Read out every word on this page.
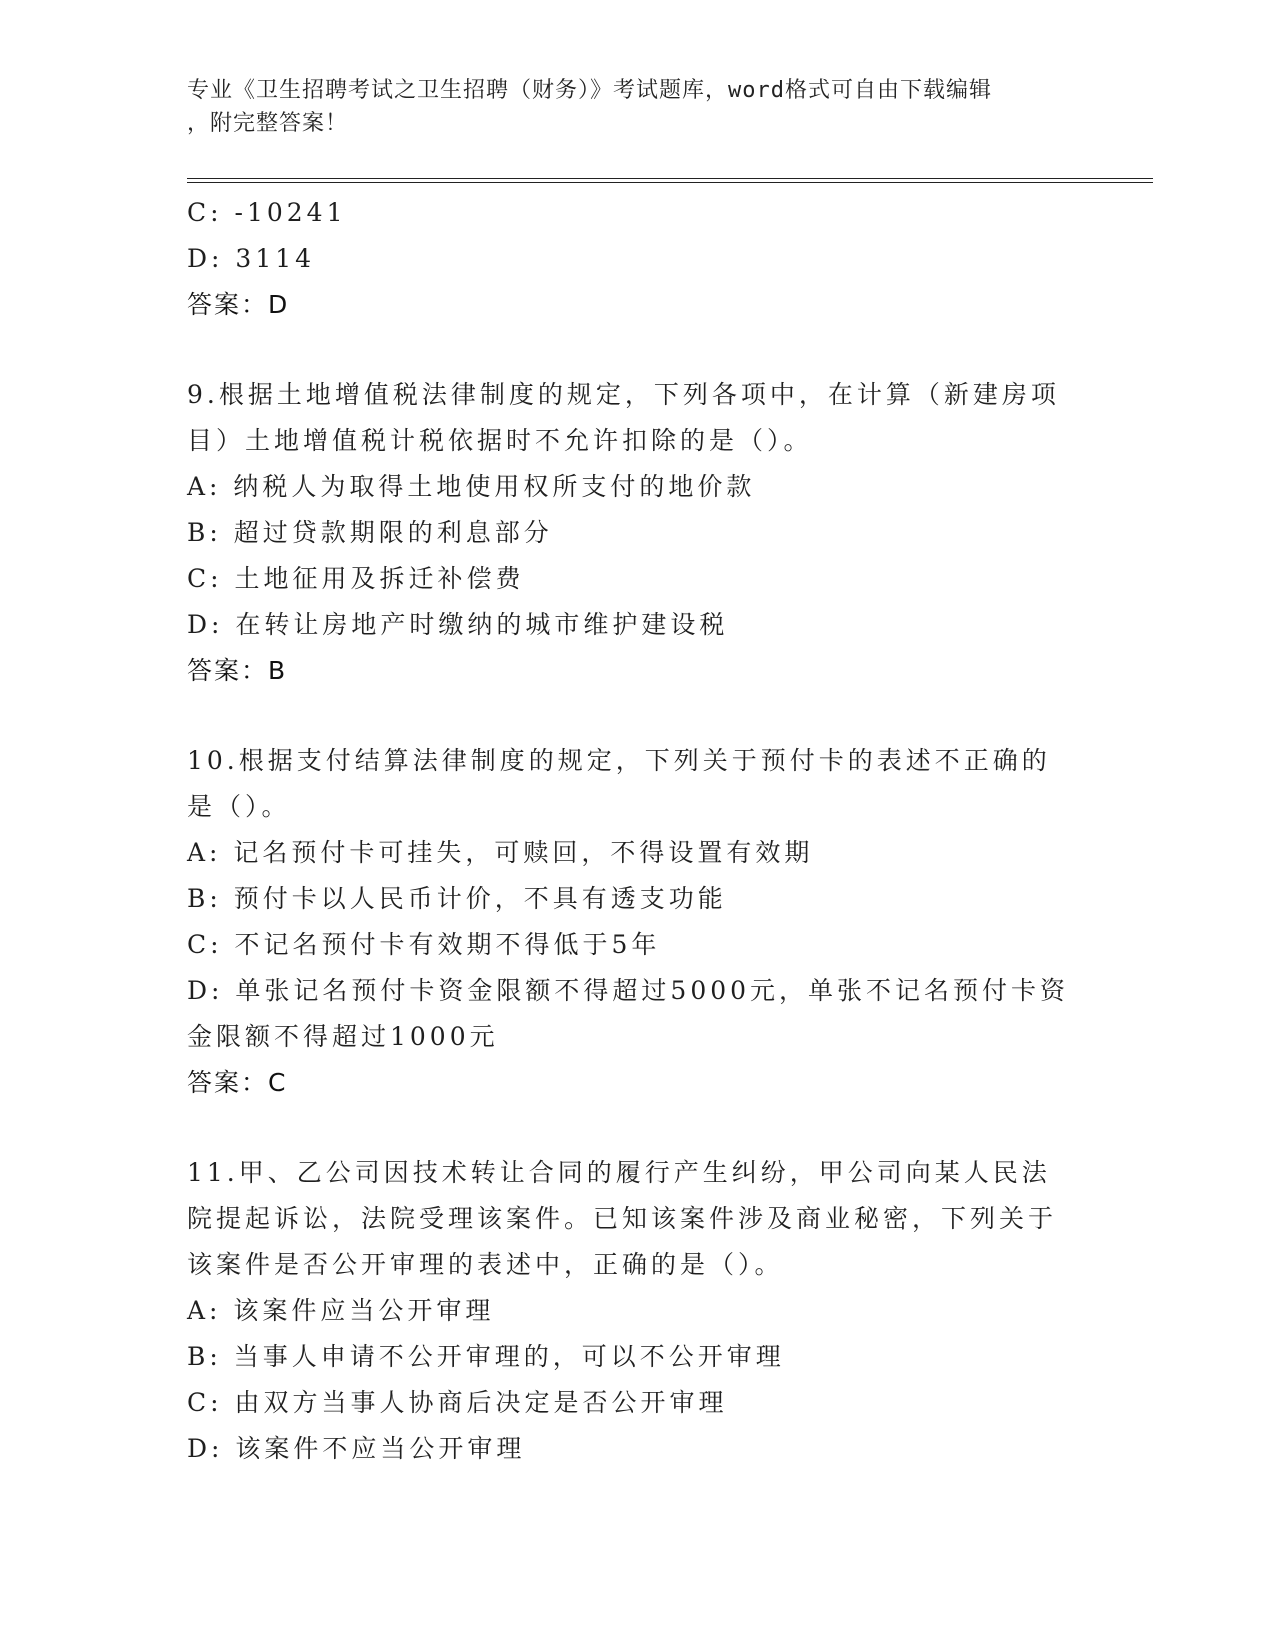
专业《卫生招聘考试之卫生招聘（财务）》考试题库，word格式可自由下载编辑
，附完整答案！
C: -10241
D: 3114
答案：D
9.根据土地增值税法律制度的规定，下列各项中，在计算（新建房项目）土地增值税计税依据时不允许扣除的是（）。
A: 纳税人为取得土地使用权所支付的地价款
B: 超过贷款期限的利息部分
C: 土地征用及拆迁补偿费
D: 在转让房地产时缴纳的城市维护建设税
答案：B
10.根据支付结算法律制度的规定，下列关于预付卡的表述不正确的是（）。
A: 记名预付卡可挂失，可赎回，不得设置有效期
B: 预付卡以人民币计价，不具有透支功能
C: 不记名预付卡有效期不得低于5年
D: 单张记名预付卡资金限额不得超过5000元，单张不记名预付卡资金限额不得超过1000元
答案：C
11.甲、乙公司因技术转让合同的履行产生纠纷，甲公司向某人民法院提起诉讼，法院受理该案件。已知该案件涉及商业秘密，下列关于该案件是否公开审理的表述中，正确的是（）。
A: 该案件应当公开审理
B: 当事人申请不公开审理的，可以不公开审理
C: 由双方当事人协商后决定是否公开审理
D: 该案件不应当公开审理
